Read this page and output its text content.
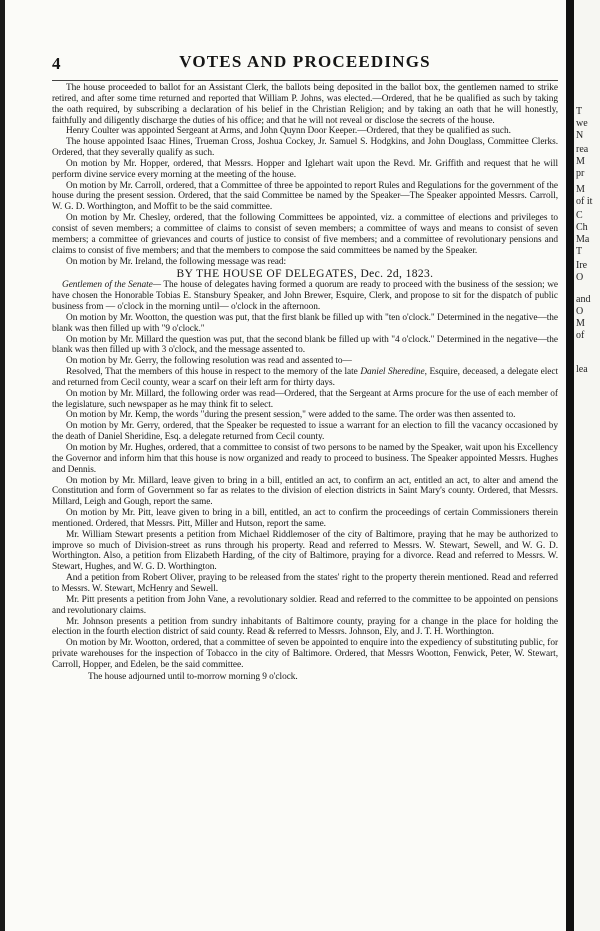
4	VOTES AND PROCEEDINGS

The house proceeded to ballot for an Assistant Clerk, the ballots being deposited in the ballot box, the gentlemen named to strike retired, and after some time returned and reported that William P. Johns, was elected.—Ordered, that he be qualified as such by taking the oath required, by subscribing a declaration of his belief in the Christian Religion; and by taking an oath that he will honestly, faithfully and diligently discharge the duties of his office; and that he will not reveal or disclose the secrets of the house.

Henry Coulter was appointed Sergeant at Arms, and John Quynn Door Keeper.—Ordered, that they be qualified as such.

The house appointed Isaac Hines, Trueman Cross, Joshua Cockey, Jr. Samuel S. Hodgkins, and John Douglass, Committee Clerks. Ordered, that they severally qualify as such.

On motion by Mr. Hopper, ordered, that Messrs. Hopper and Iglehart wait upon the Revd. Mr. Griffith and request that he will perform divine service every morning at the meeting of the house.

On motion by Mr. Carroll, ordered, that a Committee of three be appointed to report Rules and Regulations for the government of the house during the present session. Ordered, that the said Committee be named by the Speaker—The Speaker appointed Messrs. Carroll, W. G. D. Worthington, and Moffit to be the said committee.

On motion by Mr. Chesley, ordered, that the following Committees be appointed, viz. a committee of elections and privileges to consist of seven members; a committee of claims to consist of seven members; a committee of ways and means to consist of seven members; a committee of grievances and courts of justice to consist of five members; and a committee of revolutionary pensions and claims to consist of five members; and that the members to compose the said committees be named by the Speaker.

On motion by Mr. Ireland, the following message was read:

BY THE HOUSE OF DELEGATES, Dec. 2d, 1823.

Gentlemen of the Senate— The house of delegates having formed a quorum are ready to proceed with the business of the session; we have chosen the Honorable Tobias E. Stansbury Speaker, and John Brewer, Esquire, Clerk, and propose to sit for the dispatch of public business from — o'clock in the morning until— o'clock in the afternoon.

On motion by Mr. Wootton, the question was put, that the first blank be filled up with "ten o'clock." Determined in the negative—the blank was then filled up with "9 o'clock."

On motion by Mr. Millard the question was put, that the second blank be filled up with "4 o'clock." Determined in the negative—the blank was then filled up with 3 o'clock, and the message assented to.

On motion by Mr. Gerry, the following resolution was read and assented to—

Resolved, That the members of this house in respect to the memory of the late Daniel Sheredine, Esquire, deceased, a delegate elect and returned from Cecil county, wear a scarf on their left arm for thirty days.

On motion by Mr. Millard, the following order was read—Ordered, that the Sergeant at Arms procure for the use of each member of the legislature, such newspaper as he may think fit to select.

On motion by Mr. Kemp, the words "during the present session," were added to the same. The order was then assented to.

On motion by Mr. Gerry, ordered, that the Speaker be requested to issue a warrant for an election to fill the vacancy occasioned by the death of Daniel Sheridine, Esq. a delegate returned from Cecil county.

On motion by Mr. Hughes, ordered, that a committee to consist of two persons to be named by the Speaker, wait upon his Excellency the Governor and inform him that this house is now organized and ready to proceed to business. The Speaker appointed Messrs. Hughes and Dennis.

On motion by Mr. Millard, leave given to bring in a bill, entitled an act, to confirm an act, entitled an act, to alter and amend the Constitution and form of Government so far as relates to the division of election districts in Saint Mary's county. Ordered, that Messrs. Millard, Leigh and Gough, report the same.

On motion by Mr. Pitt, leave given to bring in a bill, entitled, an act to confirm the proceedings of certain Commissioners therein mentioned. Ordered, that Messrs. Pitt, Miller and Hutson, report the same.

Mr. William Stewart presents a petition from Michael Riddlemoser of the city of Baltimore, praying that he may be authorized to improve so much of Division-street as runs through his property. Read and referred to Messrs. W. Stewart, Sewell, and W. G. D. Worthington. Also, a petition from Elizabeth Harding, of the city of Baltimore, praying for a divorce. Read and referred to Messrs. W. Stewart, Hughes, and W. G. D. Worthington.

And a petition from Robert Oliver, praying to be released from the states' right to the property therein mentioned. Read and referred to Messrs. W. Stewart, McHenry and Sewell.

Mr. Pitt presents a petition from John Vane, a revolutionary soldier. Read and referred to the committee to be appointed on pensions and revolutionary claims.

Mr. Johnson presents a petition from sundry inhabitants of Baltimore county, praying for a change in the place for holding the election in the fourth election district of said county. Read & referred to Messrs. Johnson, Ely, and J. T. H. Worthington.

On motion by Mr. Wootton, ordered, that a committee of seven be appointed to enquire into the expediency of substituting public, for private warehouses for the inspection of Tobacco in the city of Baltimore. Ordered, that Messrs Wootton, Fenwick, Peter, W. Stewart, Carroll, Hopper, and Edelen, be the said committee.

The house adjourned until to-morrow morning 9 o'clock.

T
we
N
rea
M
pr
M
of it
C
Ch
Ma
T
Ire
O
and
O
M
of
lea
